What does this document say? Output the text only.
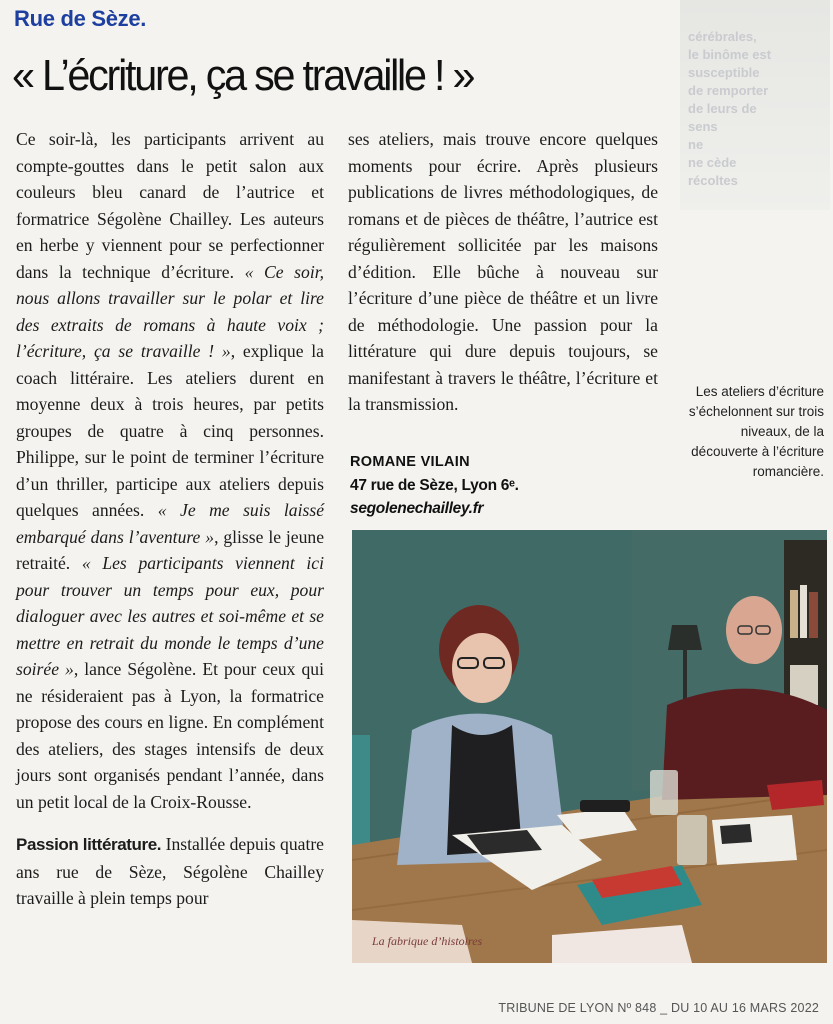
cérébrales,
le binôme est
susceptible
de remporter
de leurs de
sens
ne
ne cède
récoltes
Rue de Sèze.
« L’écriture, ça se travaille ! »

Ce soir-là, les participants arrivent au compte-gouttes dans le petit salon aux couleurs bleu canard de l’autrice et formatrice Ségolène Chailley. Les auteurs en herbe y viennent pour se perfectionner dans la technique d’écriture. « Ce soir, nous allons travailler sur le polar et lire des extraits de romans à haute voix ; l’écriture, ça se travaille ! », explique la coach littéraire. Les ateliers durent en moyenne deux à trois heures, par petits groupes de quatre à cinq personnes. Philippe, sur le point de terminer l’écriture d’un thriller, participe aux ateliers depuis quelques années. « Je me suis laissé embarqué dans l’aventure », glisse le jeune retraité. « Les participants viennent ici pour trouver un temps pour eux, pour dialoguer avec les autres et soi-même et se mettre en retrait du monde le temps d’une soirée », lance Ségolène. Et pour ceux qui ne résideraient pas à Lyon, la formatrice propose des cours en ligne. En complément des ateliers, des stages intensifs de deux jours sont organisés pendant l’année, dans un petit local de la Croix-Rousse.

Passion littérature. Installée depuis quatre ans rue de Sèze, Ségolène Chailley travaille à plein temps pour

ses ateliers, mais trouve encore quelques moments pour écrire. Après plusieurs publications de livres méthodologiques, de romans et de pièces de théâtre, l’autrice est régulièrement sollicitée par les maisons d’édition. Elle bûche à nouveau sur l’écriture d’une pièce de théâtre et un livre de méthodologie. Une passion pour la littérature qui dure depuis toujours, se manifestant à travers le théâtre, l’écriture et la transmission.

ROMANE VILAIN
47 rue de Sèze, Lyon 6ᵉ.
segolenechailley.fr
Les ateliers d’écriture s’échelonnent sur trois niveaux, de la découverte à l’écriture romancière.
La fabrique d’histoires
TRIBUNE DE LYON Nº 848 _ DU 10 AU 16 MARS 2022
